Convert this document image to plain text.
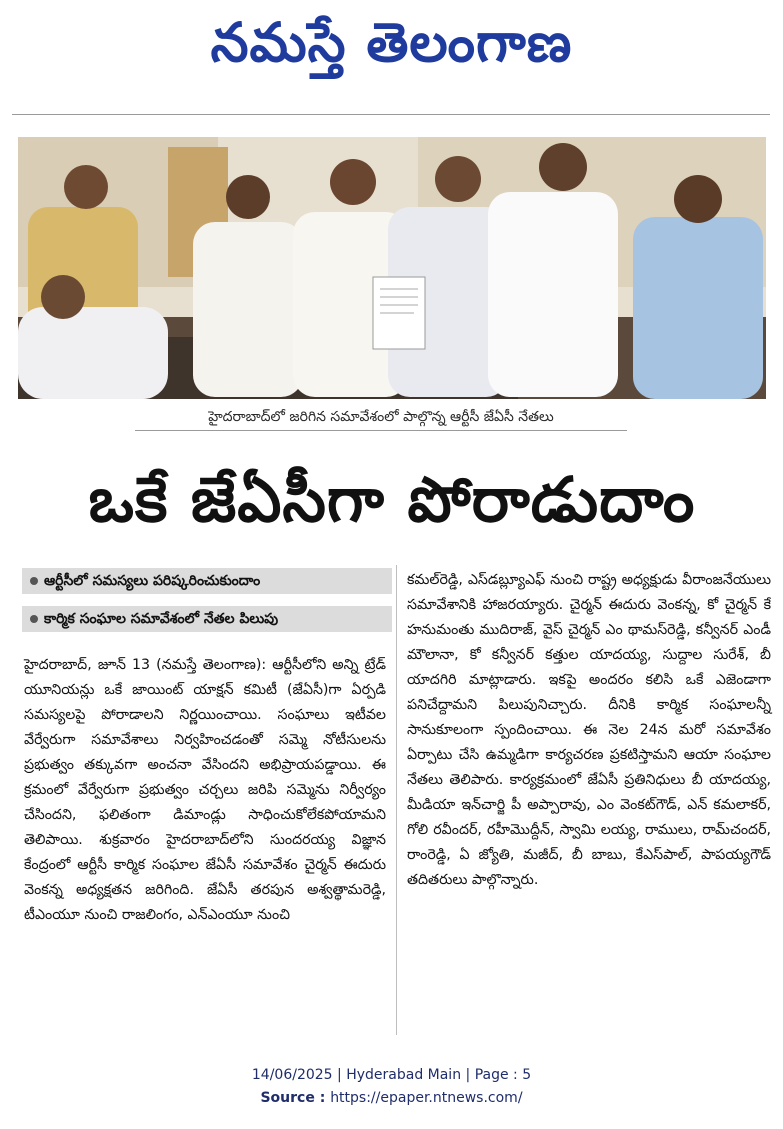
నమస్తే తెలంగాణ
హైదరాబాద్‌లో జరిగిన సమావేశంలో పాల్గొన్న ఆర్టీసీ జేఏసీ నేతలు
ఒకే జేఏసీగా పోరాడుదాం
ఆర్టీసీలో సమస్యలు పరిష్కరించుకుందాం
కార్మిక సంఘాల సమావేశంలో నేతల పిలుపు
హైదరాబాద్, జూన్ 13 (నమస్తే తెలంగాణ): ఆర్టీసీలోని అన్ని ట్రేడ్ యూనియన్లు ఒకే జాయింట్ యాక్షన్ కమిటీ (జేఏసీ)గా ఏర్పడి సమస్యలపై పోరాడాలని నిర్ణయించాయి. సంఘాలు ఇటీవల వేర్వేరుగా సమావేశాలు నిర్వహించడంతో సమ్మె నోటీసులను ప్రభుత్వం తక్కువగా అంచనా వేసిందని అభిప్రాయపడ్డాయి. ఈ క్రమంలో వేర్వేరుగా ప్రభుత్వం చర్చలు జరిపి సమ్మెను నిర్వీర్యం చేసిందని, ఫలితంగా డిమాండ్లు సాధించుకోలేకపోయామని తెలిపాయి. శుక్రవారం హైదరాబాద్‌లోని సుందరయ్య విజ్ఞాన కేంద్రంలో ఆర్టీసీ కార్మిక సంఘాల జేఏసీ సమావేశం చైర్మన్ ఈదురు వెంకన్న అధ్యక్షతన జరిగింది. జేఏసీ తరపున అశ్వత్థామరెడ్డి, టీఎంయూ నుంచి రాజలింగం, ఎన్ఎంయూ నుంచి
కమల్‌రెడ్డి, ఎస్‌డబ్ల్యూఎఫ్ నుంచి రాష్ట్ర అధ్యక్షుడు వీరాంజనేయులు సమావేశానికి హాజరయ్యారు. చైర్మన్ ఈదురు వెంకన్న, కో చైర్మన్ కే హనుమంతు ముదిరాజ్, వైస్ చైర్మన్ ఎం థామస్‌రెడ్డి, కన్వీనర్ ఎండీ మౌలానా, కో కన్వీనర్ కత్తుల యాదయ్య, సుద్దాల సురేశ్, బీ యాదగిరి మాట్లాడారు. ఇకపై అందరం కలిసి ఒకే ఎజెండాగా పనిచేద్దామని పిలుపునిచ్చారు. దీనికి కార్మిక సంఘాలన్నీ సానుకూలంగా స్పందించాయి. ఈ నెల 24న మరో సమావేశం ఏర్పాటు చేసి ఉమ్మడిగా కార్యచరణ ప్రకటిస్తామని ఆయా సంఘాల నేతలు తెలిపారు. కార్యక్రమంలో జేఏసీ ప్రతినిధులు బీ యాదయ్య, మీడియా ఇన్‌చార్జి పీ అప్పారావు, ఎం వెంకట్‌గౌడ్, ఎన్ కమలాకర్, గోలి రవీందర్, రహీమొద్దీన్, స్వామి లయ్య, రాములు, రామ్‌చందర్, రాంరెడ్డి, ఏ జ్యోతి, మజీద్, బీ బాబు, కేఎస్‌పాల్, పాపయ్యగౌడ్ తదితరులు పాల్గొన్నారు.
14/06/2025 | Hyderabad Main | Page : 5
Source : https://epaper.ntnews.com/
